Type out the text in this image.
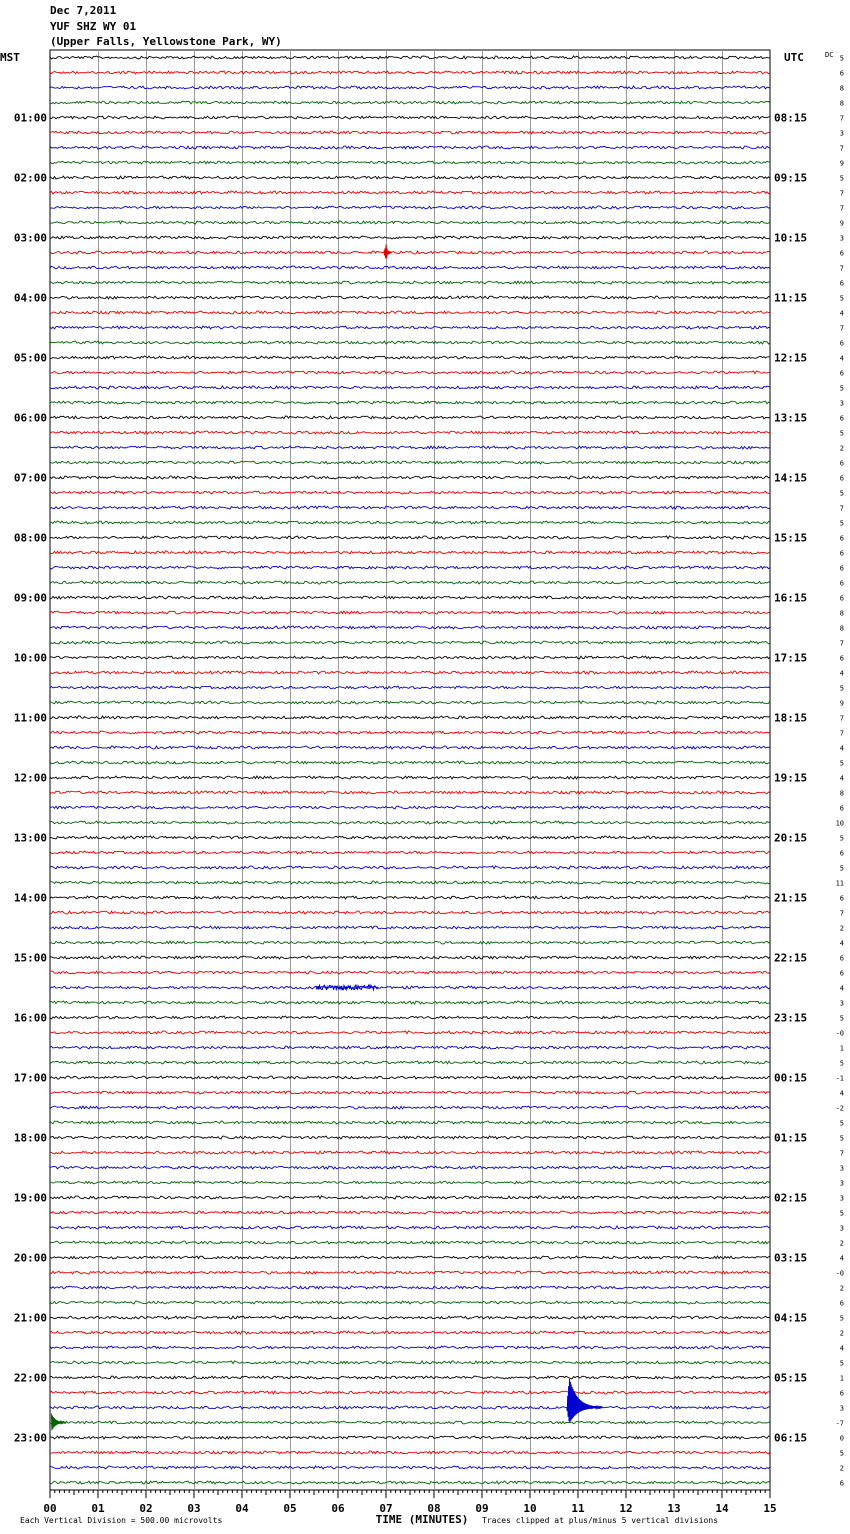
Dec 7,2011
YUF SHZ WY 01
(Upper Falls, Yellowstone Park, WY)
MST	UTC	DC
01:00
02:00
03:00
04:00
05:00
06:00
07:00
08:00
09:00
10:00
11:00
12:00
13:00
14:00
15:00
16:00
17:00
18:00
19:00
20:00
21:00
22:00
23:00
08:15
09:15
10:15
11:15
12:15
13:15
14:15
15:15
16:15
17:15
18:15
19:15
20:15
21:15
22:15
23:15
00:15
01:15
02:15
03:15
04:15
05:15
06:15
5
6
8
8
7
3
7
9
5
7
7
9
3
6
7
6
5
4
7
6
4
6
5
3
6
5
2
6
6
5
7
5
6
6
6
6
6
8
8
7
6
4
5
9
7
7
4
5
4
8
6
10
5
6
5
11
6
7
2
4
6
6
4
3
5
-0
1
5
-1
4
-2
5
5
7
3
3
3
5
3
2
4
-0
2
6
5
2
4
5
1
6
3
-7
0
5
2
6
00	01	02	03	04	05	06	07	08	09	10	11	12	13	14	15
Each Vertical Division = 500.00 microvolts	TIME (MINUTES) Traces clipped at plus/minus 5 vertical divisions
